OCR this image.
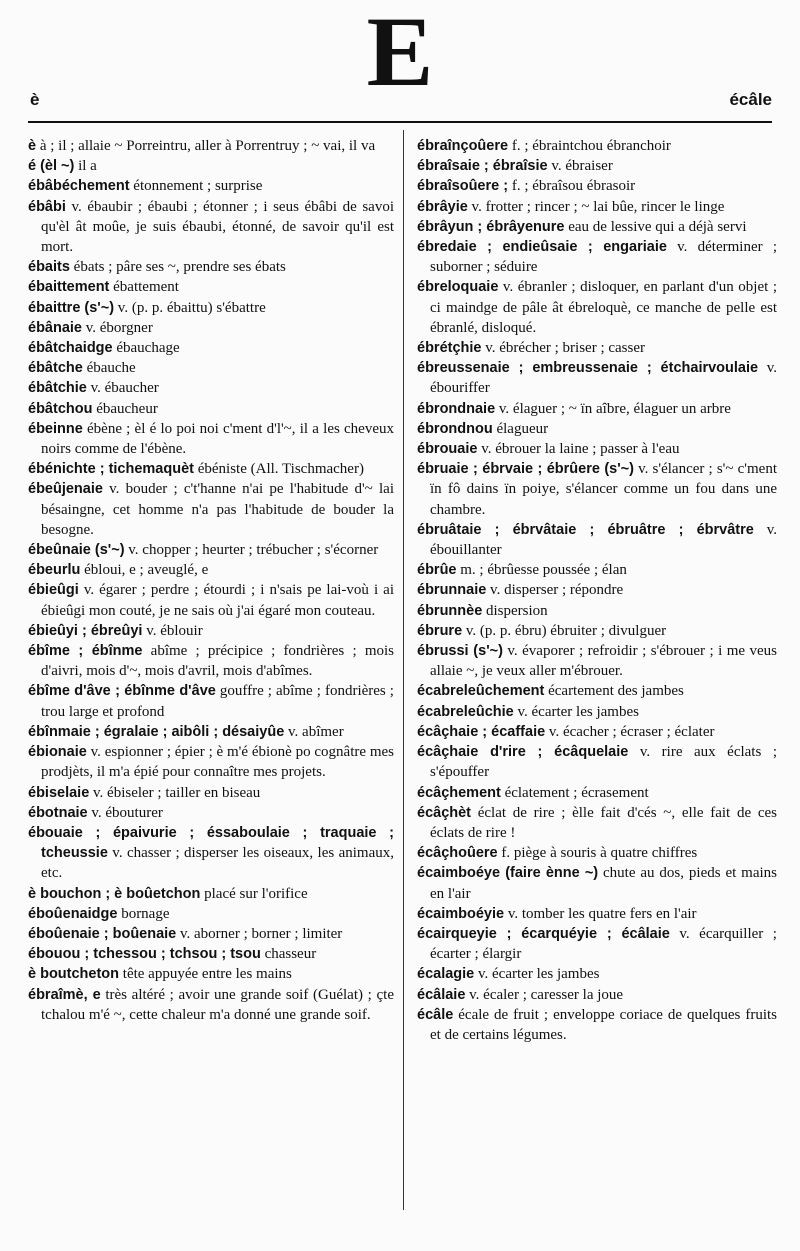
E
è	écâle

è à ; il ; allaie ~ Porreintru, aller à Porrentruy ; ~ vai, il va

é (èl ~) il a

ébâbéchement étonnement ; surprise

ébâbi v. ébaubir ; ébaubi ; étonner ; i seus ébâbi de savoi qu'èl ât moûe, je suis ébaubi, étonné, de savoir qu'il est mort.

ébaits ébats ; pâre ses ~, prendre ses ébats

ébaittement ébattement

ébaittre (s'~) v. (p. p. ébaittu) s'ébattre

ébânaie v. éborgner

ébâtchaidge ébauchage

ébâtche ébauche

ébâtchie v. ébaucher

ébâtchou ébaucheur

ébeinne ébène ; èl é lo poi noi c'ment d'l'~, il a les cheveux noirs comme de l'ébène.

ébénichte ; tichemaquèt ébéniste (All. Tischmacher)

ébeûjenaie v. bouder ; c't'hanne n'ai pe l'habitude d'~ lai bésaingne, cet homme n'a pas l'habitude de bouder la besogne.

ébeûnaie (s'~) v. chopper ; heurter ; trébucher ; s'écorner

ébeurlu ébloui, e ; aveuglé, e

ébieûgi v. égarer ; perdre ; étourdi ; i n'sais pe lai-voù i ai ébieûgi mon couté, je ne sais où j'ai égaré mon couteau.

ébieûyi ; ébreûyi v. éblouir

ébîme ; ébînme abîme ; précipice ; fondrières ; mois d'aivri, mois d'~, mois d'avril, mois d'abîmes.

ébîme d'âve ; ébînme d'âve gouffre ; abîme ; fondrières ; trou large et profond

ébînmaie ; égralaie ; aibôli ; désaiyûe v. abîmer

ébionaie v. espionner ; épier ; è m'é ébionè po cognâtre mes prodjèts, il m'a épié pour connaître mes projets.

ébiselaie v. ébiseler ; tailler en biseau

ébotnaie v. ébouturer

ébouaie ; épaivurie ; éssaboulaie ; traquaie ; tcheussie v. chasser ; disperser les oiseaux, les animaux, etc.

è bouchon ; è boûetchon placé sur l'orifice

éboûenaidge bornage

éboûenaie ; boûenaie v. aborner ; borner ; limiter

ébouou ; tchessou ; tchsou ; tsou chasseur

è boutcheton tête appuyée entre les mains

ébraîmè, e très altéré ; avoir une grande soif (Guélat) ; çte tchalou m'é ~, cette chaleur m'a donné une grande soif.

ébraînçoûere f. ; ébraintchou ébranchoir

ébraîsaie ; ébraîsie v. ébraiser

ébraîsoûere ; f. ; ébraîsou ébrasoir

ébrâyie v. frotter ; rincer ; ~ lai bûe, rincer le linge

ébrâyun ; ébrâyenure eau de lessive qui a déjà servi

ébredaie ; endieûsaie ; engariaie v. déterminer ; suborner ; séduire

ébreloquaie v. ébranler ; disloquer, en parlant d'un objet ; ci maindge de pâle ât ébreloquè, ce manche de pelle est ébranlé, disloqué.

ébrétçhie v. ébrécher ; briser ; casser

ébreussenaie ; embreussenaie ; étchairvoulaie v. ébouriffer

ébrondnaie v. élaguer ; ~ ïn aîbre, élaguer un arbre

ébrondnou élagueur

ébrouaie v. ébrouer la laine ; passer à l'eau

ébruaie ; ébrvaie ; ébrûere (s'~) v. s'élancer ; s'~ c'ment ïn fô dains ïn poiye, s'élancer comme un fou dans une chambre.

ébruâtaie ; ébrvâtaie ; ébruâtre ; ébrvâtre v. ébouillanter

ébrûe m. ; ébrûesse poussée ; élan

ébrunnaie v. disperser ; répondre

ébrunnèe dispersion

ébrure v. (p. p. ébru) ébruiter ; divulguer

ébrussi (s'~) v. évaporer ; refroidir ; s'ébrouer ; i me veus allaie ~, je veux aller m'ébrouer.

écabreleûchement écartement des jambes

écabreleûchie v. écarter les jambes

écâçhaie ; écaffaie v. écacher ; écraser ; éclater

écâçhaie d'rire ; écâquelaie v. rire aux éclats ; s'épouffer

écâçhement éclatement ; écrasement

écâçhèt éclat de rire ; èlle fait d'cés ~, elle fait de ces éclats de rire !

écâçhoûere f. piège à souris à quatre chiffres

écaimboéye (faire ènne ~) chute au dos, pieds et mains en l'air

écaimboéyie v. tomber les quatre fers en l'air

écairqueyie ; écarquéyie ; écâlaie v. écarquiller ; écarter ; élargir

écalagie v. écarter les jambes

écâlaie v. écaler ; caresser la joue

écâle écale de fruit ; enveloppe coriace de quelques fruits et de certains légumes.
